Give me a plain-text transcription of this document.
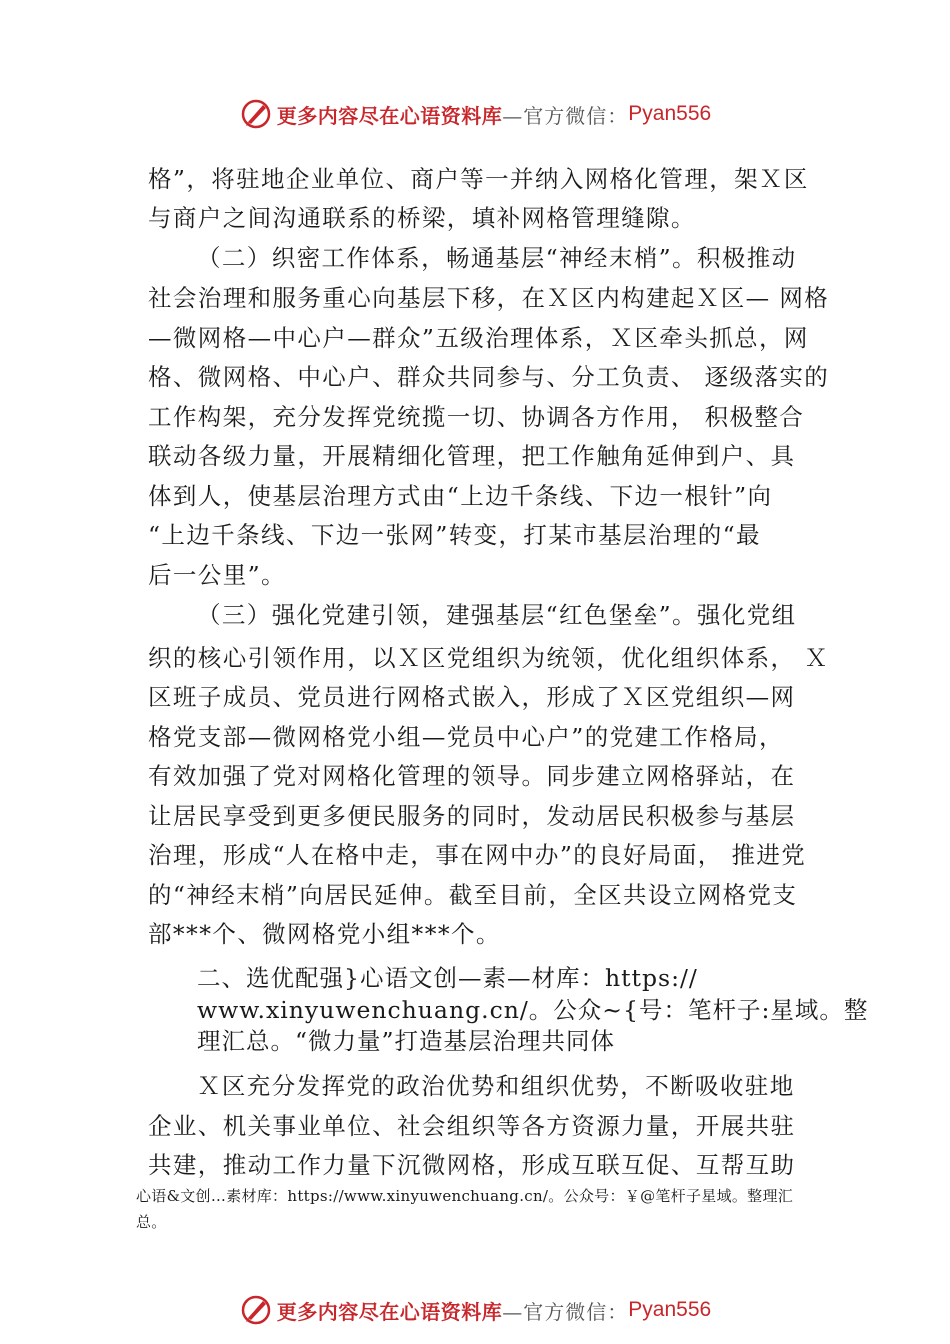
更多内容尽在心语资料库 —官方微信： Pyan556
格”，将驻地企业单位、商户等一并纳入网格化管理，架Ｘ区
与商户之间沟通联系的桥梁，填补网格管理缝隙。
（二）织密工作体系，畅通基层“神经末梢”。积极推动
社会治理和服务重心向基层下移，在Ｘ区内构建起Ｘ区— 网格
—微网格—中心户—群众”五级治理体系，Ｘ区牵头抓总，网
格、微网格、中心户、群众共同参与、分工负责、 逐级落实的
工作构架，充分发挥党统揽一切、协调各方作用， 积极整合
联动各级力量，开展精细化管理，把工作触角延伸到户、具
体到人，使基层治理方式由“上边千条线、下边一根针”向
“上边千条线、下边一张网”转变，打某市基层治理的“最
后一公里”。
（三）强化党建引领，建强基层“红色堡垒”。强化党组
织的核心引领作用，以Ｘ区党组织为统领，优化组织体系， Ｘ
区班子成员、党员进行网格式嵌入，形成了Ｘ区党组织—网
格党支部—微网格党小组—党员中心户”的党建工作格局，
有效加强了党对网格化管理的领导。同步建立网格驿站，在
让居民享受到更多便民服务的同时，发动居民积极参与基层
治理，形成“人在格中走，事在网中办”的良好局面， 推进党
的“神经末梢”向居民延伸。截至目前，全区共设立网格党支
部***个、微网格党小组***个。
二、选优配强}心语文创—素—材库：https://
www.xinyuwenchuang.cn/。公众~{号：笔杆子:星域。整
理汇总。“微力量”打造基层治理共同体
Ｘ区充分发挥党的政治优势和组织优势，不断吸收驻地
企业、机关事业单位、社会组织等各方资源力量，开展共驻
共建，推动工作力量下沉微网格，形成互联互促、互帮互助
心语&文创…素材库：https://www.xinyuwenchuang.cn/。公众号：￥@笔杆子星域。整理汇
总。
更多内容尽在心语资料库 —官方微信： Pyan556
